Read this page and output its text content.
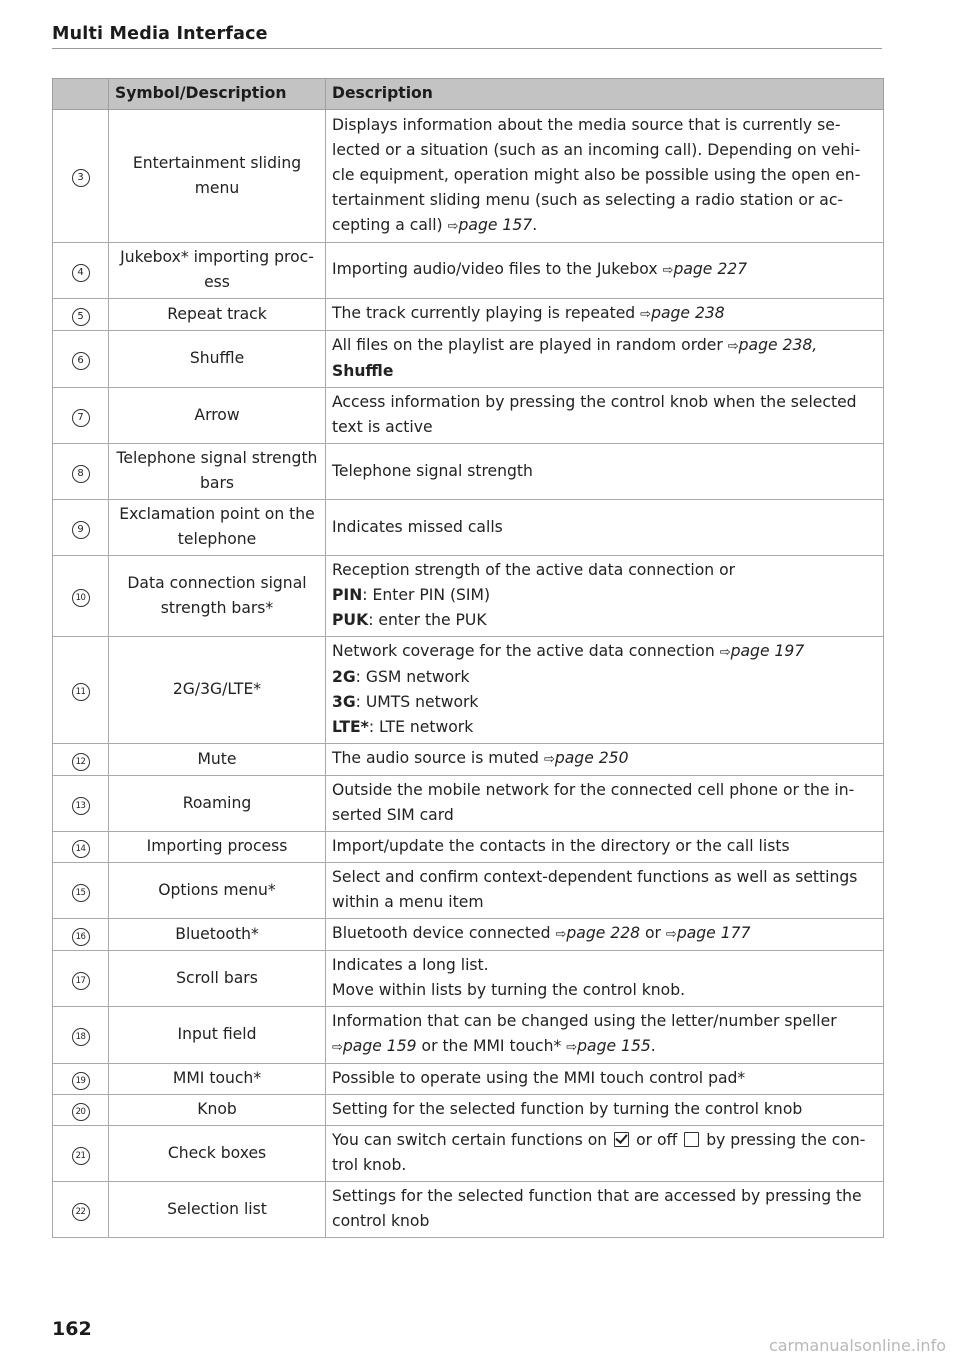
Multi Media Interface
	Symbol/Description	Description
3	Entertainment sliding menu	Displays information about the media source that is currently selected or a situation (such as an incoming call). Depending on vehicle equipment, operation might also be possible using the open entertainment sliding menu (such as selecting a radio station or accepting a call) ⇨page 157.
4	Jukebox* importing process	Importing audio/video files to the Jukebox ⇨page 227
5	Repeat track	The track currently playing is repeated ⇨page 238
6	Shuffle	All files on the playlist are played in random order ⇨page 238,
Shuffle
7	Arrow	Access information by pressing the control knob when the selected text is active
8	Telephone signal strength bars	Telephone signal strength
9	Exclamation point on the telephone	Indicates missed calls
10	Data connection signal strength bars*	Reception strength of the active data connection or
PIN: Enter PIN (SIM)
PUK: enter the PUK
11	2G/3G/LTE*	Network coverage for the active data connection ⇨page 197
2G: GSM network
3G: UMTS network
LTE*: LTE network
12	Mute	The audio source is muted ⇨page 250
13	Roaming	Outside the mobile network for the connected cell phone or the inserted SIM card
14	Importing process	Import/update the contacts in the directory or the call lists
15	Options menu*	Select and confirm context-dependent functions as well as settings within a menu item
16	Bluetooth*	Bluetooth device connected ⇨page 228 or ⇨page 177
17	Scroll bars	Indicates a long list.
Move within lists by turning the control knob.
18	Input field	Information that can be changed using the letter/number speller
⇨page 159 or the MMI touch* ⇨page 155.
19	MMI touch*	Possible to operate using the MMI touch control pad*
20	Knob	Setting for the selected function by turning the control knob
21	Check boxes	You can switch certain functions on  or off  by pressing the control knob.
22	Selection list	Settings for the selected function that are accessed by pressing the control knob
162
carmanualsonline.info
